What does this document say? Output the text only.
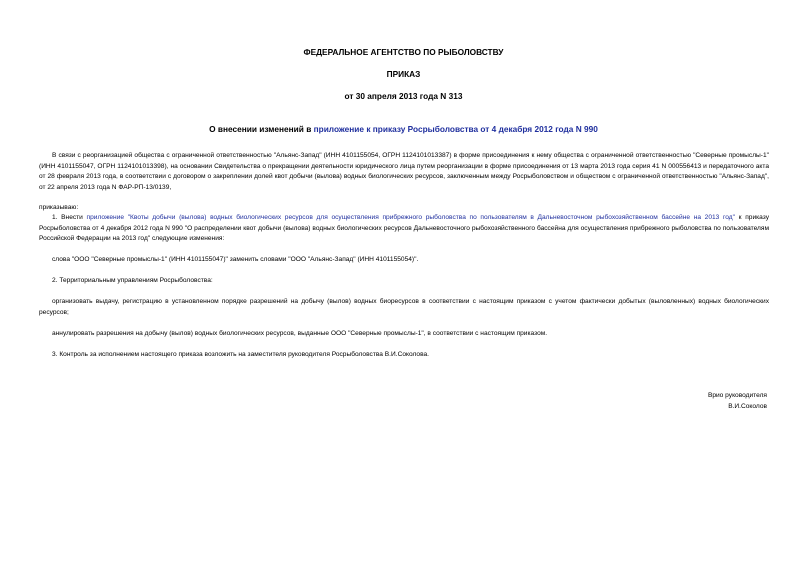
ФЕДЕРАЛЬНОЕ АГЕНТСТВО ПО РЫБОЛОВСТВУ
ПРИКАЗ
от 30 апреля 2013 года N 313
О внесении изменений в приложение к приказу Росрыболовства от 4 декабря 2012 года N 990
В связи с реорганизацией общества с ограниченной ответственностью "Альянс-Запад" (ИНН 4101155054, ОГРН 1124101013387) в форме присоединения к нему общества с ограниченной ответственностью "Северные промыслы-1" (ИНН 4101155047, ОГРН 1124101013398), на основании Свидетельства о прекращении деятельности юридического лица путем реорганизации в форме присоединения от 13 марта 2013 года серия 41 N 000556413 и передаточного акта от 28 февраля 2013 года, в соответствии с договором о закреплении долей квот добычи (вылова) водных биологических ресурсов, заключенным между Росрыболовством и обществом с ограниченной ответственностью "Альянс-Запад", от 22 апреля 2013 года N ФАР-РП-13/0139,
приказываю:
1. Внести приложение "Квоты добычи (вылова) водных биологических ресурсов для осуществления прибрежного рыболовства по пользователям в Дальневосточном рыбохозяйственном бассейне на 2013 год" к приказу Росрыболовства от 4 декабря 2012 года N 990 "О распределении квот добычи (вылова) водных биологических ресурсов Дальневосточного рыбохозяйственного бассейна для осуществления прибрежного рыболовства по пользователям Российской Федерации на 2013 год" следующие изменения:
слова "ООО "Северные промыслы-1" (ИНН 4101155047)" заменить словами "ООО "Альянс-Запад" (ИНН 4101155054)".
2. Территориальным управлениям Росрыболовства:
организовать выдачу, регистрацию в установленном порядке разрешений на добычу (вылов) водных биоресурсов в соответствии с настоящим приказом с учетом фактически добытых (выловленных) водных биологических ресурсов;
аннулировать разрешения на добычу (вылов) водных биологических ресурсов, выданные ООО "Северные промыслы-1", в соответствии с настоящим приказом.
3. Контроль за исполнением настоящего приказа возложить на заместителя руководителя Росрыболовства В.И.Соколова.
Врио руководителя
В.И.Соколов
